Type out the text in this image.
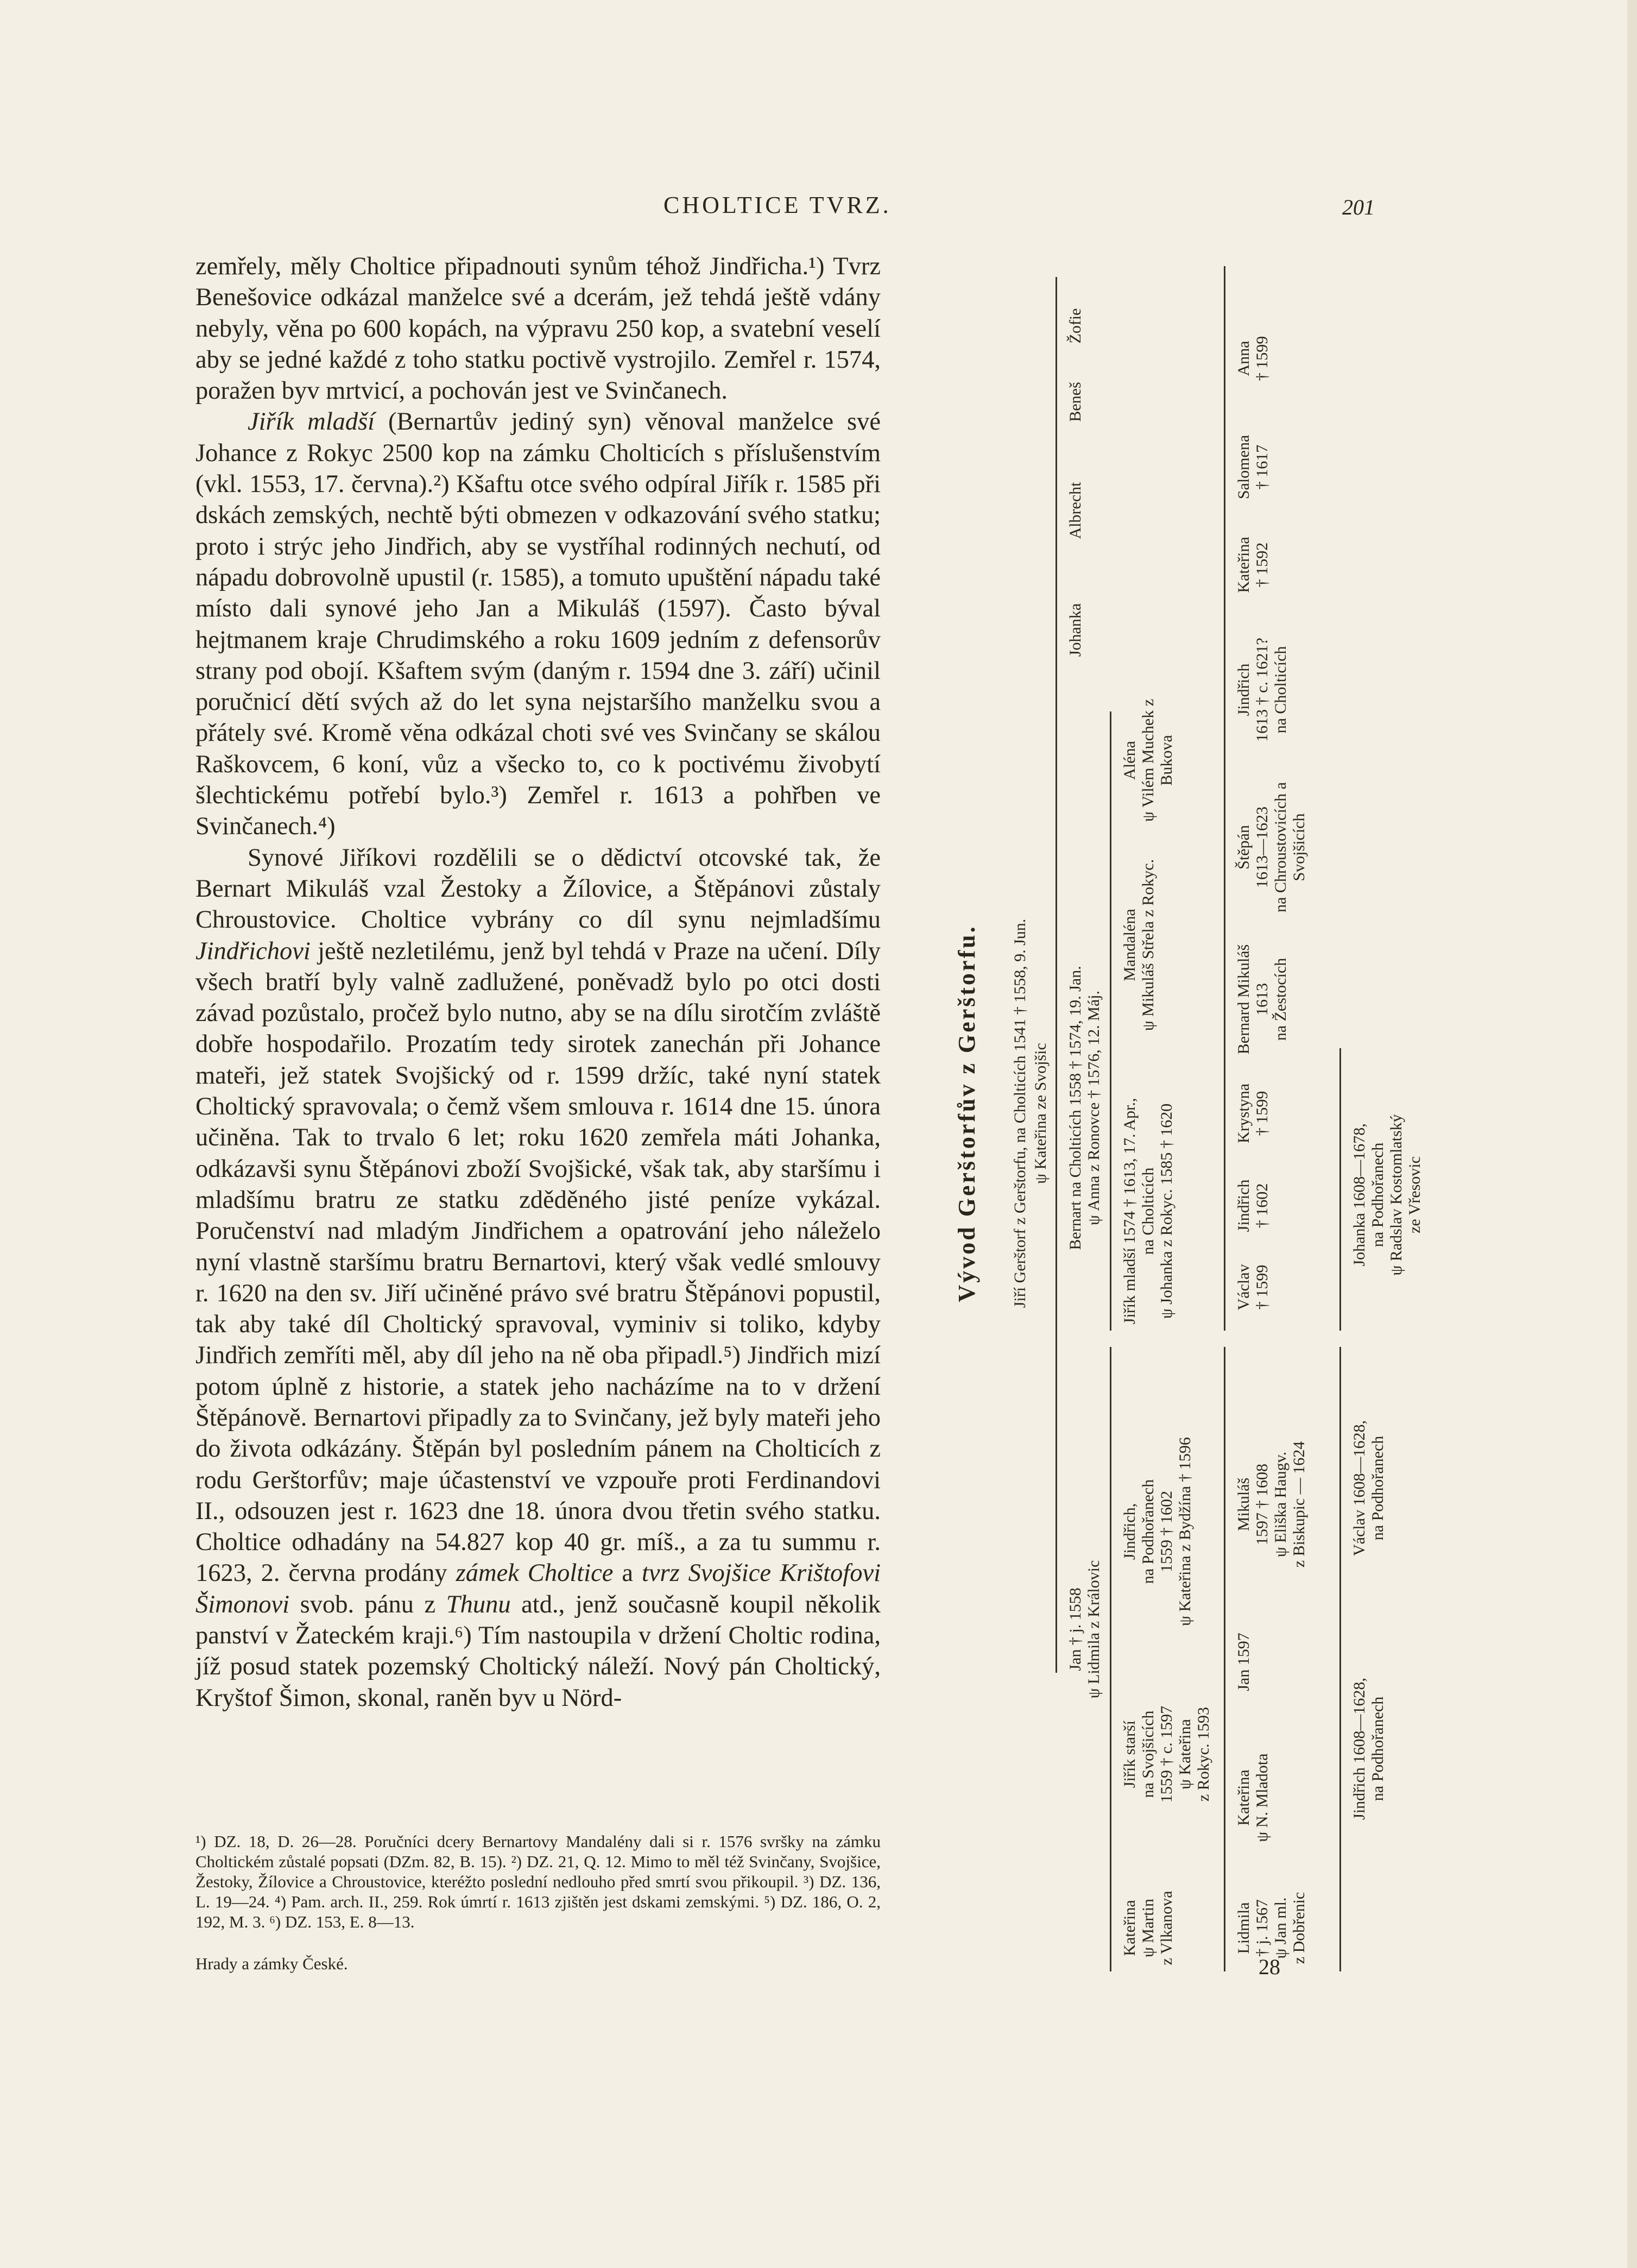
CHOLTICE TVRZ.	201

zemřely, měly Choltice připadnouti synům téhož Jindřicha.¹) Tvrz Benešovice odkázal manželce své a dcerám, jež tehdá ještě vdány nebyly, věna po 600 kopách, na výpravu 250 kop, a svatební veselí aby se jedné každé z toho statku poctivě vystrojilo. Zemřel r. 1574, poražen byv mrtvicí, a pochován jest ve Svinčanech.

Jiřík mladší (Bernartův jediný syn) věnoval manželce své Johance z Rokyc 2500 kop na zámku Cholticích s příslušenstvím (vkl. 1553, 17. června).²) Kšaftu otce svého odpíral Jiřík r. 1585 při dskách zemských, nechtě býti obmezen v odkazování svého statku; proto i strýc jeho Jindřich, aby se vystříhal rodinných nechutí, od nápadu dobrovolně upustil (r. 1585), a tomuto upuštění nápadu také místo dali synové jeho Jan a Mikuláš (1597). Často býval hejtmanem kraje Chrudimského a roku 1609 jedním z defensorův strany pod obojí. Kšaftem svým (daným r. 1594 dne 3. září) učinil poručnicí dětí svých až do let syna nejstaršího manželku svou a přátely své. Kromě věna odkázal choti své ves Svinčany se skálou Raškovcem, 6 koní, vůz a všecko to, co k poctivému živobytí šlechtickému potřebí bylo.³) Zemřel r. 1613 a pohřben ve Svinčanech.⁴)

Synové Jiříkovi rozdělili se o dědictví otcovské tak, že Bernart Mikuláš vzal Žestoky a Žílovice, a Štěpánovi zůstaly Chroustovice. Choltice vybrány co díl synu nejmladšímu Jindřichovi ještě nezletilému, jenž byl tehdá v Praze na učení. Díly všech bratří byly valně zadlužené, poněvadž bylo po otci dosti závad pozůstalo, pročež bylo nutno, aby se na dílu sirotčím zvláště dobře hospodařilo. Prozatím tedy sirotek zanechán při Johance mateři, jež statek Svojšický od r. 1599 držíc, také nyní statek Choltický spravovala; o čemž všem smlouva r. 1614 dne 15. února učiněna. Tak to trvalo 6 let; roku 1620 zemřela máti Johanka, odkázavši synu Štěpánovi zboží Svojšické, však tak, aby staršímu i mladšímu bratru ze statku zděděného jisté peníze vykázal. Poručenství nad mladým Jindřichem a opatrování jeho náleželo nyní vlastně staršímu bratru Bernartovi, který však vedlé smlouvy r. 1620 na den sv. Jiří učiněné právo své bratru Štěpánovi popustil, tak aby také díl Choltický spravoval, vyminiv si toliko, kdyby Jindřich zemříti měl, aby díl jeho na ně oba připadl.⁵) Jindřich mizí potom úplně z historie, a statek jeho nacházíme na to v držení Štěpánově. Bernartovi připadly za to Svinčany, jež byly mateři jeho do života odkázány. Štěpán byl posledním pánem na Cholticích z rodu Gerštorfův; maje účastenství ve vzpouře proti Ferdinandovi II., odsouzen jest r. 1623 dne 18. února dvou třetin svého statku. Choltice odhadány na 54.827 kop 40 gr. míš., a za tu summu r. 1623, 2. června prodány zámek Choltice a tvrz Svojšice Krištofovi Šimonovi svob. pánu z Thunu atd., jenž současně koupil několik panství v Žateckém kraji.⁶) Tím nastoupila v držení Choltic rodina, jíž posud statek pozemský Choltický náleží. Nový pán Choltický, Kryštof Šimon, skonal, raněn byv u Nörd-

¹) DZ. 18, D. 26—28. Poručníci dcery Bernartovy Mandalény dali si r. 1576 svršky na zámku Choltickém zůstalé popsati (DZm. 82, B. 15). ²) DZ. 21, Q. 12. Mimo to měl též Svinčany, Svojšice, Žestoky, Žílovice a Chroustovice, kteréžto poslední nedlouho před smrtí svou přikoupil. ³) DZ. 136, L. 19—24. ⁴) Pam. arch. II., 259. Rok úmrtí r. 1613 zjištěn jest dskami zemskými. ⁵) DZ. 186, O. 2, 192, M. 3. ⁶) DZ. 153, E. 8—13.

Hrady a zámky České.	28
Vývod Gerštorfův z Gerštorfu. Jiří Gerštorf z Gerštorfu, na Cholticích 1541 † 1558, 9. Jun. ψ Kateřina ze Svojšic
Jan † j. 1558
ψ Lidmila z Královic
Bernart na Cholticích 1558 † 1574, 19. Jan.
ψ Anna z Ronovce † 1576, 12. Máj.
Johanka
Albrecht
Beneš
Žofie
Kateřina
ψ Martin
z Vlkanova
Jiřík starší
na Svojšicích
1559 † c. 1597
ψ Kateřina
z Rokyc. 1593
Jindřich,
na Podhořanech
1559 † 1602
ψ Kateřina z Bydžína † 1596
Jiřík mladší 1574 † 1613, 17. Apr.,
na Cholticích
ψ Johanka z Rokyc. 1585 † 1620
Mandaléna
ψ Mikuláš Střela z Rokyc.
Aléna
ψ Vilém Muchek z Bukova
Lidmila
† j. 1567
ψ Jan ml.
z Dobřenic
Kateřina
ψ N. Mladota
Jan 1597
Mikuláš
1597 † 1608
ψ Eliška Haugv.
z Biskupic — 1624
Václav
† 1599
Jindřich
† 1602
Krystyna
† 1599
Bernard Mikuláš
1613
na Žestocích
Štěpán
1613—1623
na Chroustovicích a
Svojšicích
Jindřich
1613 † c. 1621?
na Cholticích
Kateřina
† 1592
Salomena
† 1617
Anna
† 1599
Jindřich 1608—1628,
na Podhořanech
Václav 1608—1628,
na Podhořanech
Johanka 1608—1678,
na Podhořanech
ψ Radslav Kostomlatský
ze Vřesovic
